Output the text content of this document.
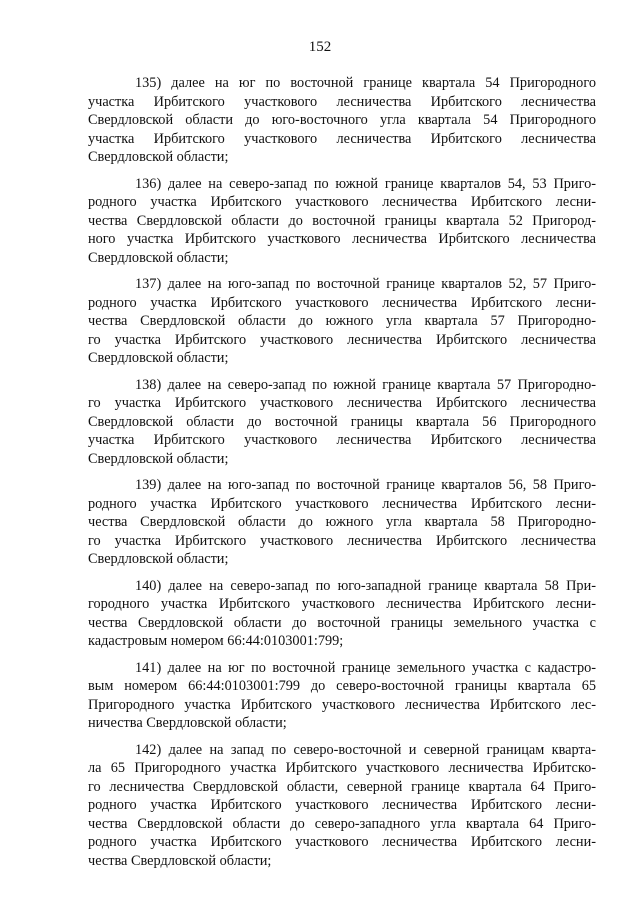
152
135) далее на юг по восточной границе квартала 54 Пригородного
участка Ирбитского участкового лесничества Ирбитского лесничества
Свердловской области до юго-восточного угла квартала 54 Пригородного
участка Ирбитского участкового лесничества Ирбитского лесничества
Свердловской области;
136) далее на северо-запад по южной границе кварталов 54, 53 Приго-
родного участка Ирбитского участкового лесничества Ирбитского лесни-
чества Свердловской области до восточной границы квартала 52 Пригород-
ного участка Ирбитского участкового лесничества Ирбитского лесничества
Свердловской области;
137) далее на юго-запад по восточной границе кварталов 52, 57 Приго-
родного участка Ирбитского участкового лесничества Ирбитского лесни-
чества Свердловской области до южного угла квартала 57 Пригородно-
го участка Ирбитского участкового лесничества Ирбитского лесничества
Свердловской области;
138) далее на северо-запад по южной границе квартала 57 Пригородно-
го участка Ирбитского участкового лесничества Ирбитского лесничества
Свердловской области до восточной границы квартала 56 Пригородного
участка Ирбитского участкового лесничества Ирбитского лесничества
Свердловской области;
139) далее на юго-запад по восточной границе кварталов 56, 58 Приго-
родного участка Ирбитского участкового лесничества Ирбитского лесни-
чества Свердловской области до южного угла квартала 58 Пригородно-
го участка Ирбитского участкового лесничества Ирбитского лесничества
Свердловской области;
140) далее на северо-запад по юго-западной границе квартала 58 При-
городного участка Ирбитского участкового лесничества Ирбитского лесни-
чества Свердловской области до восточной границы земельного участка с
кадастровым номером 66:44:0103001:799;
141) далее на юг по восточной границе земельного участка с кадастро-
вым номером 66:44:0103001:799 до северо-восточной границы квартала 65
Пригородного участка Ирбитского участкового лесничества Ирбитского лес-
ничества Свердловской области;
142) далее на запад по северо-восточной и северной границам кварта-
ла 65 Пригородного участка Ирбитского участкового лесничества Ирбитско-
го лесничества Свердловской области, северной границе квартала 64 Приго-
родного участка Ирбитского участкового лесничества Ирбитского лесни-
чества Свердловской области до северо-западного угла квартала 64 Приго-
родного участка Ирбитского участкового лесничества Ирбитского лесни-
чества Свердловской области;
